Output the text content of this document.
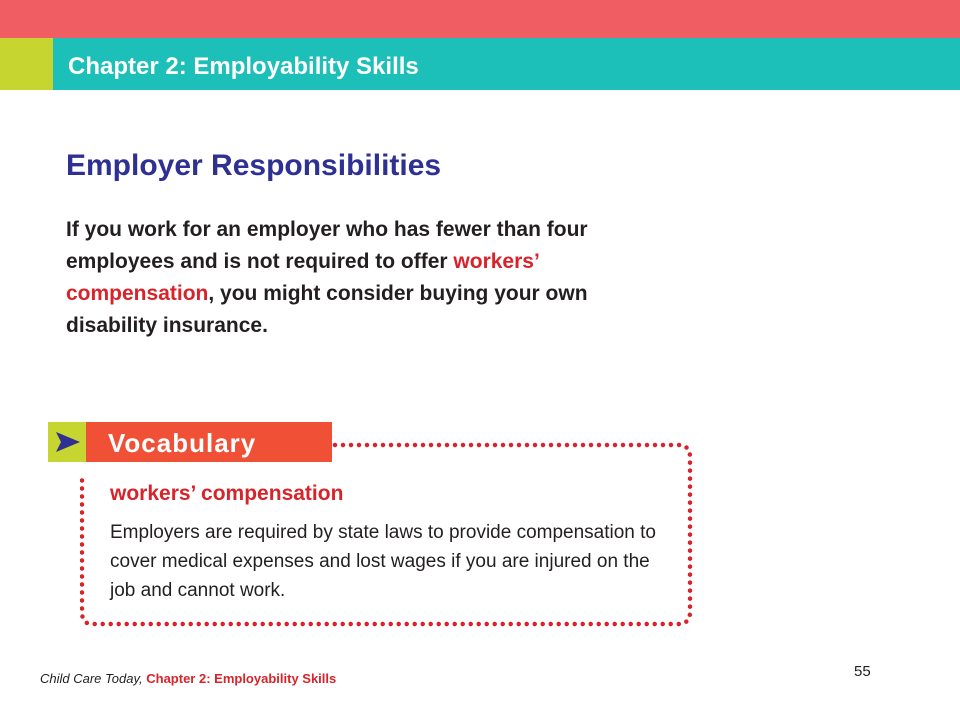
Chapter 2: Employability Skills
Employer Responsibilities
If you work for an employer who has fewer than four employees and is not required to offer workers’ compensation, you might consider buying your own disability insurance.
Vocabulary
workers’ compensation
Employers are required by state laws to provide compensation to cover medical expenses and lost wages if you are injured on the job and cannot work.
Child Care Today, Chapter 2: Employability Skills	55
